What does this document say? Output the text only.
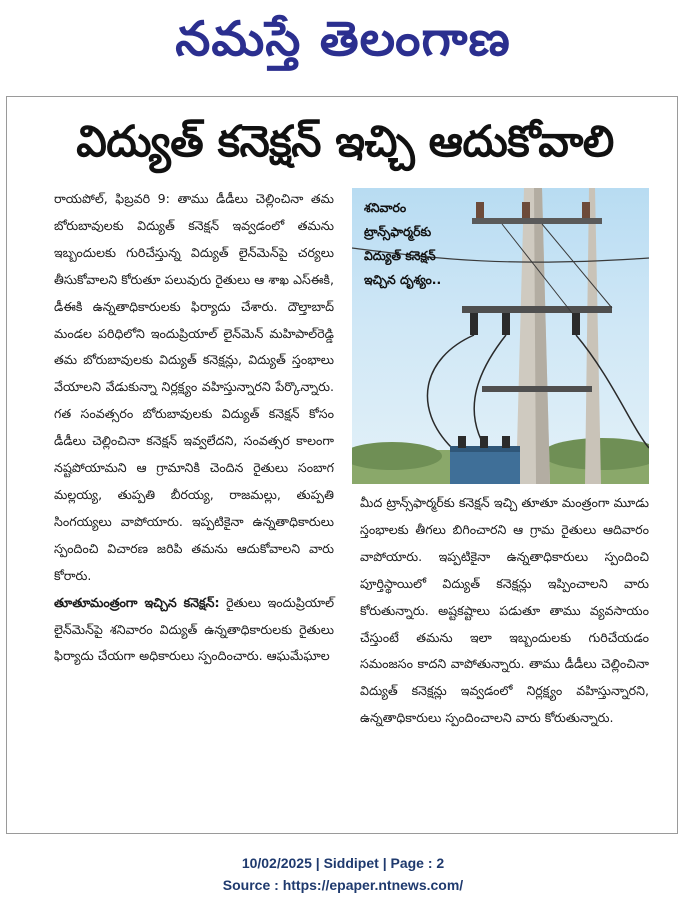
నమస్తే తెలంగాణ
విద్యుత్ కనెక్షన్ ఇచ్చి ఆదుకోవాలి

రాయపోల్, ఫిబ్రవరి 9: తాము డీడీలు చెల్లించినా తమ బోరుబావులకు విద్యుత్ కనెక్షన్ ఇవ్వడంలో తమను ఇబ్బందులకు గురిచేస్తున్న విద్యుత్ లైన్‌మెన్‌పై చర్యలు తీసుకోవాలని కోరుతూ పలువురు రైతులు ఆ శాఖ ఎస్ఈకి, డీఈకి ఉన్నతాధికారులకు ఫిర్యాదు చేశారు. దౌల్తాబాద్ మండల పరిధిలోని ఇందుప్రియాల్ లైన్‌మెన్ మహిపాల్‌రెడ్డి తమ బోరుబావులకు విద్యుత్ కనెక్షన్లు, విద్యుత్ స్తంభాలు వేయాలని వేడుకున్నా నిర్లక్ష్యం వహిస్తున్నారని పేర్కొన్నారు. గత సంవత్సరం బోరుబావులకు విద్యుత్ కనెక్షన్ కోసం డీడీలు చెల్లించినా కనెక్షన్ ఇవ్వలేదని, సంవత్సర కాలంగా నష్టపోయామని ఆ గ్రామానికి చెందిన రైతులు సంబాగ మల్లయ్య, తుప్పతి బీరయ్య, రాజమల్లు, తుప్పతి సింగయ్యలు వాపోయారు. ఇప్పటికైనా ఉన్నతాధికారులు స్పందించి విచారణ జరిపి తమను ఆదుకోవాలని వారు కోరారు.

తూతూమంత్రంగా ఇచ్చిన కనెక్షన్: రైతులు ఇందుప్రియాల్ లైన్‌మెన్‌పై శనివారం విద్యుత్ ఉన్నతాధికారులకు రైతులు ఫిర్యాదు చేయగా అధికారులు స్పందించారు. ఆఘమేఘాల

శనివారం
ట్రాన్స్‌ఫార్మర్‌కు
విద్యుత్ కనెక్షన్
ఇచ్చిన దృశ్యం..

మీద ట్రాన్స్‌ఫార్మర్‌కు కనెక్షన్ ఇచ్చి తూతూ మంత్రంగా మూడు స్తంభాలకు తీగలు బిగించారని ఆ గ్రామ రైతులు ఆదివారం వాపోయారు. ఇప్పటికైనా ఉన్నతాధికారులు స్పందించి పూర్తిస్థాయిలో విద్యుత్ కనెక్షన్లు ఇప్పించాలని వారు కోరుతున్నారు. అష్టకష్టాలు పడుతూ తాము వ్యవసాయం చేస్తుంటే తమను ఇలా ఇబ్బందులకు గురిచేయడం సమంజసం కాదని వాపోతున్నారు. తాము డీడీలు చెల్లించినా విద్యుత్ కనెక్షన్లు ఇవ్వడంలో నిర్లక్ష్యం వహిస్తున్నారని, ఉన్నతాధికారులు స్పందించాలని వారు కోరుతున్నారు.

10/02/2025 | Siddipet | Page : 2
Source : https://epaper.ntnews.com/
